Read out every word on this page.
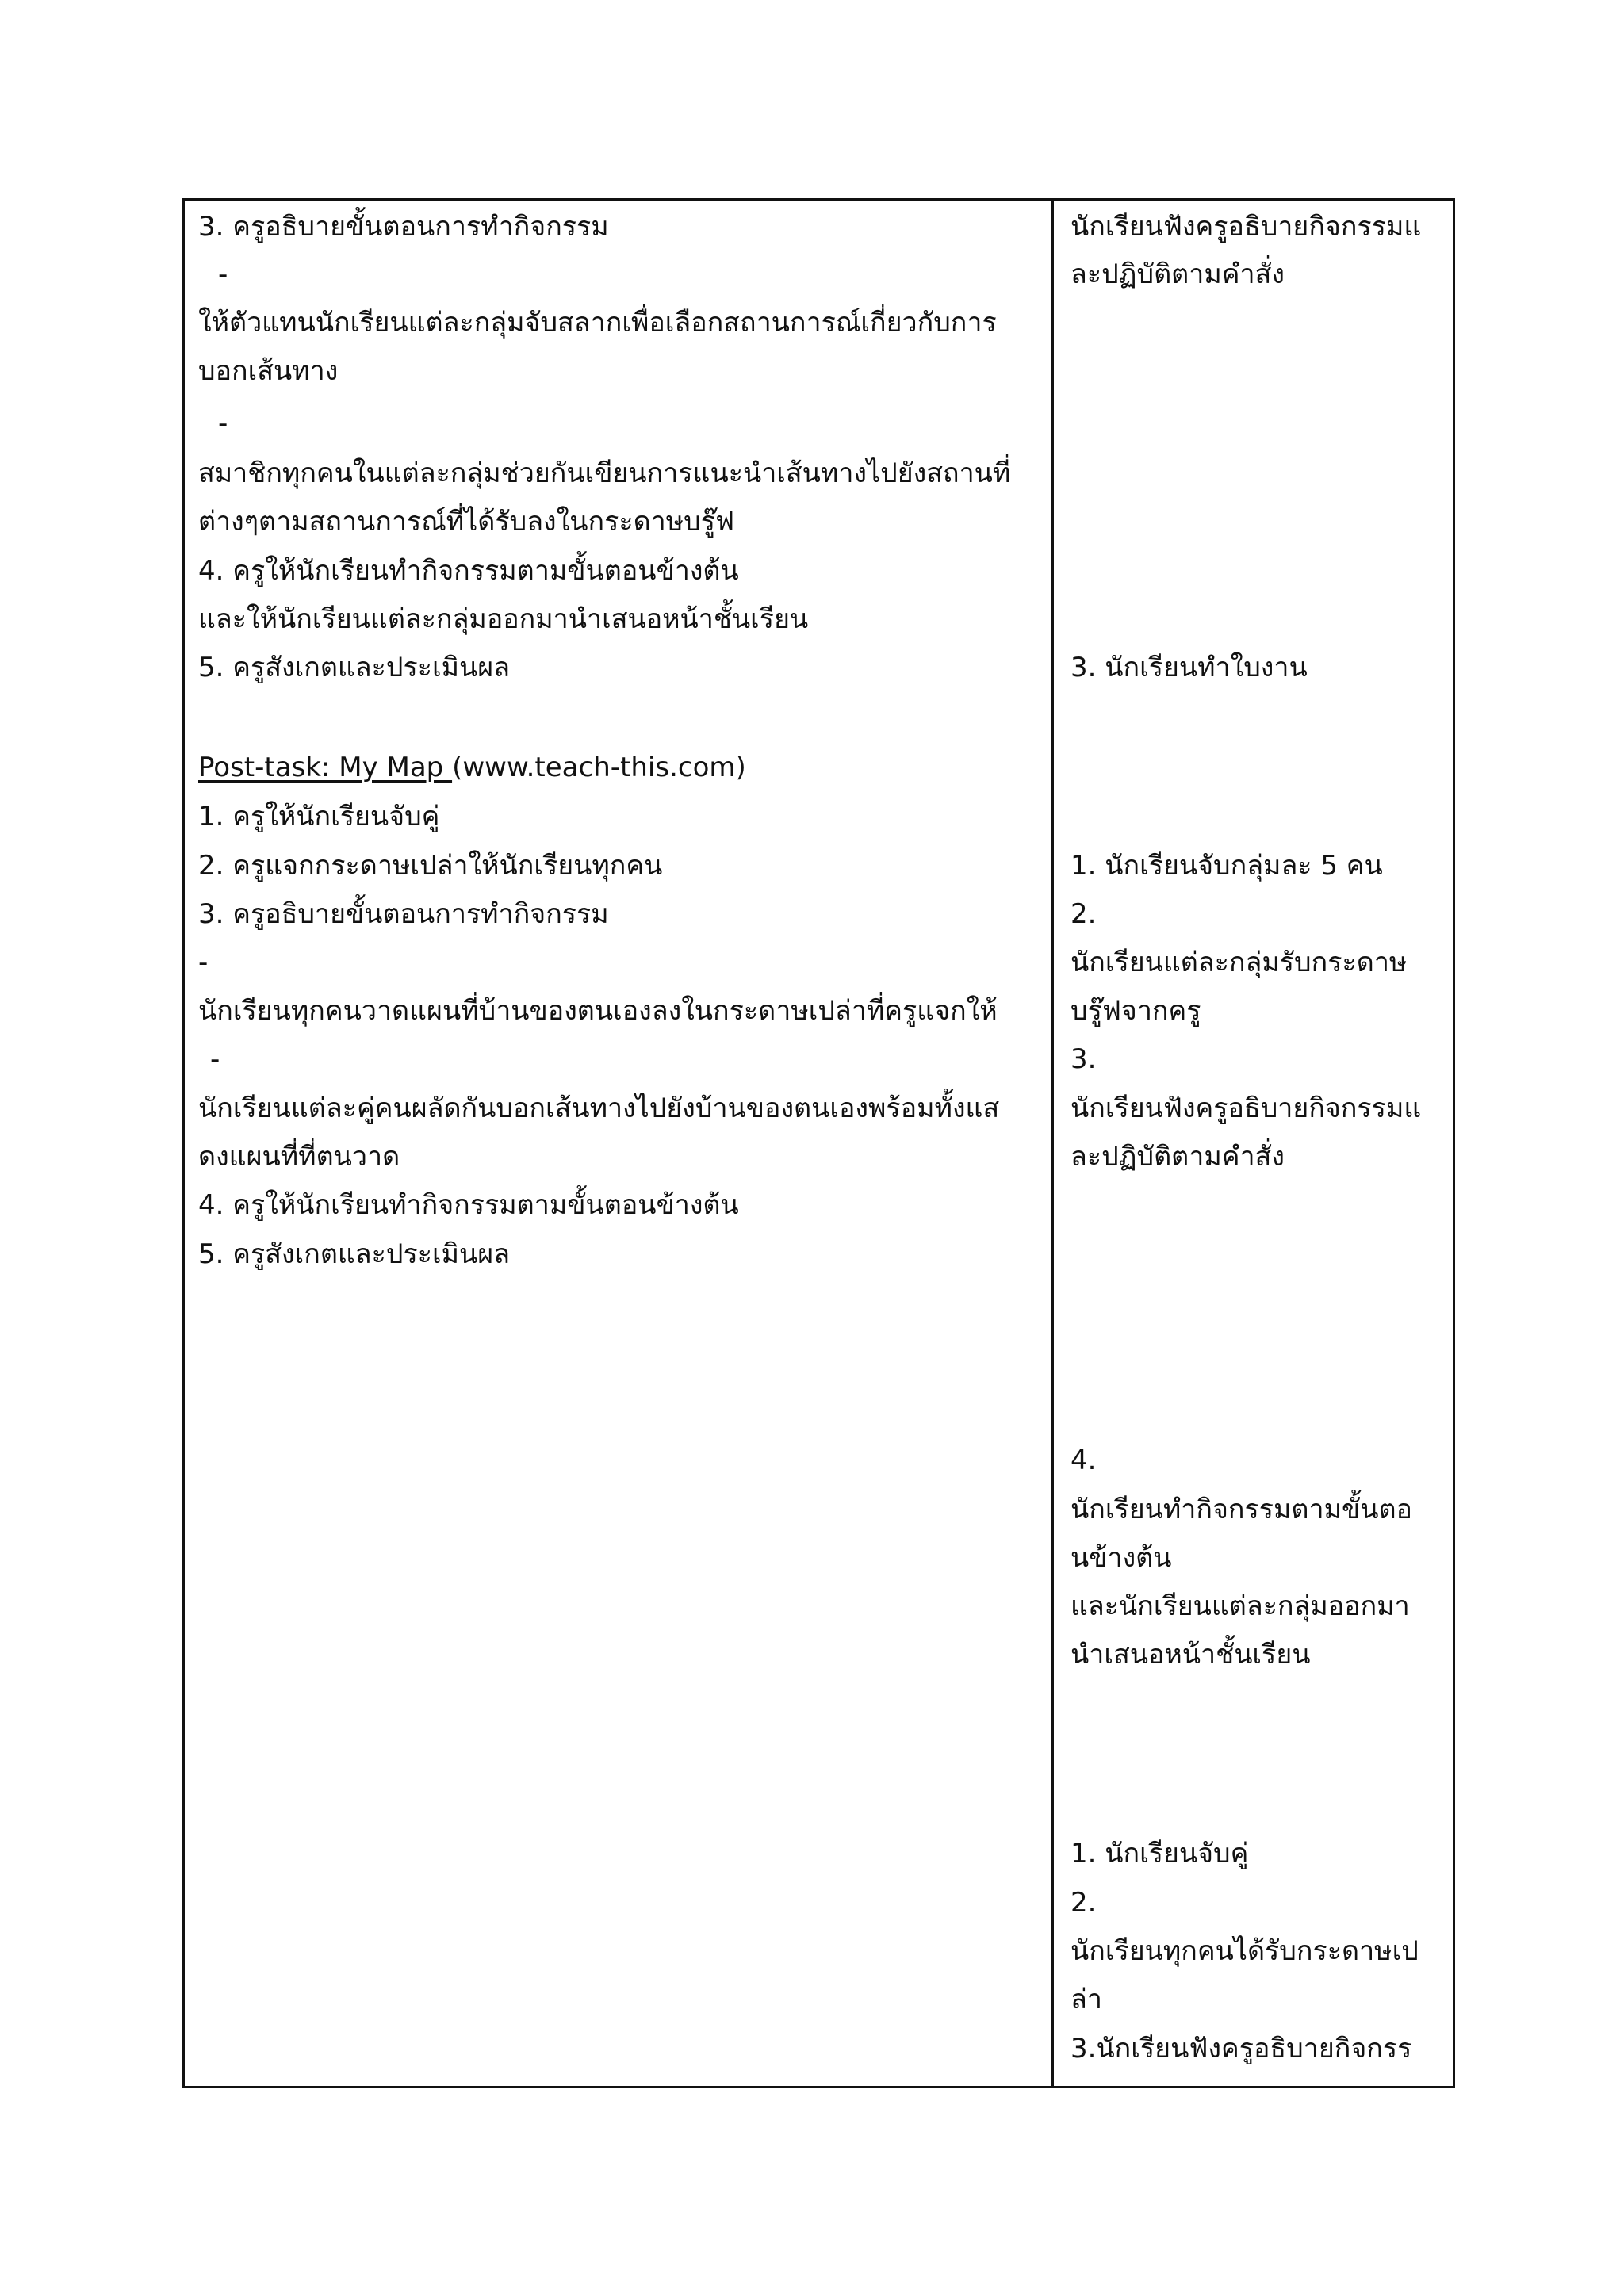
3. ครูอธิบายขั้นตอนการทำกิจกรรม
-
ให้ตัวแทนนักเรียนแต่ละกลุ่มจับสลากเพื่อเลือกสถานการณ์เกี่ยวกับการ
บอกเส้นทาง
-
สมาชิกทุกคนในแต่ละกลุ่มช่วยกันเขียนการแนะนำเส้นทางไปยังสถานที่
ต่างๆตามสถานการณ์ที่ได้รับลงในกระดาษบรู๊ฟ
4. ครูให้นักเรียนทำกิจกรรมตามขั้นตอนข้างต้น
และให้นักเรียนแต่ละกลุ่มออกมานำเสนอหน้าชั้นเรียน
5. ครูสังเกตและประเมินผล
Post-task: My Map (www.teach-this.com)
1. ครูให้นักเรียนจับคู่
2. ครูแจกกระดาษเปล่าให้นักเรียนทุกคน
3. ครูอธิบายขั้นตอนการทำกิจกรรม
-
นักเรียนทุกคนวาดแผนที่บ้านของตนเองลงในกระดาษเปล่าที่ครูแจกให้
-
นักเรียนแต่ละคู่คนผลัดกันบอกเส้นทางไปยังบ้านของตนเองพร้อมทั้งแส
ดงแผนที่ที่ตนวาด
4. ครูให้นักเรียนทำกิจกรรมตามขั้นตอนข้างต้น
5. ครูสังเกตและประเมินผล
นักเรียนฟังครูอธิบายกิจกรรมแ
ละปฏิบัติตามคำสั่ง
3. นักเรียนทำใบงาน
1. นักเรียนจับกลุ่มละ 5 คน
2.
นักเรียนแต่ละกลุ่มรับกระดาษ
บรู๊ฟจากครู
3.
นักเรียนฟังครูอธิบายกิจกรรมแ
ละปฏิบัติตามคำสั่ง
4.
นักเรียนทำกิจกรรมตามขั้นตอ
นข้างต้น
และนักเรียนแต่ละกลุ่มออกมา
นำเสนอหน้าชั้นเรียน
1. นักเรียนจับคู่
2.
นักเรียนทุกคนได้รับกระดาษเป
ล่า
3.นักเรียนฟังครูอธิบายกิจกรร
